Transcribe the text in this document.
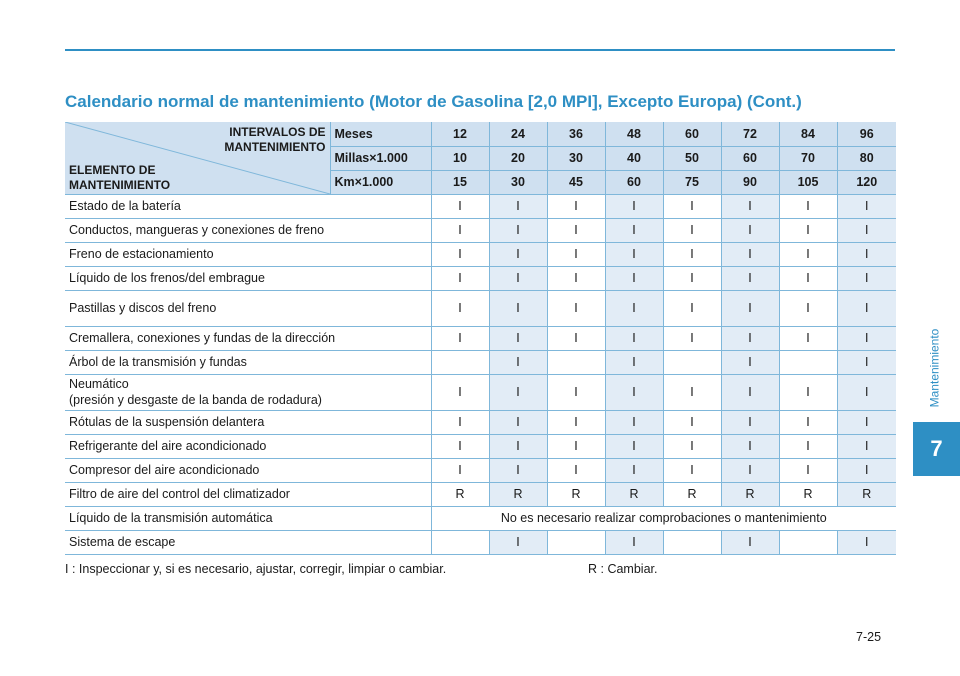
Calendario normal de mantenimiento (Motor de Gasolina [2,0 MPI], Excepto Europa) (Cont.)
INTERVALOS DE
MANTENIMIENTO
ELEMENTO DE
MANTENIMIENTO	Meses	12	24	36	48	60	72	84	96
	Millas×1.000	10	20	30	40	50	60	70	80
	Km×1.000	15	30	45	60	75	90	105	120

Estado de la batería		I	I	I	I	I	I	I	I

Conductos, mangueras y conexiones de freno		I	I	I	I	I	I	I	I

Freno de estacionamiento		I	I	I	I	I	I	I	I

Líquido de los frenos/del embrague		I	I	I	I	I	I	I	I

Pastillas y discos del freno		I	I	I	I	I	I	I	I

Cremallera, conexiones y fundas de la dirección		I	I	I	I	I	I	I	I

Árbol de la transmisión y fundas			I		I		I		I

Neumático
(presión y desgaste de la banda de rodadura)		I	I	I	I	I	I	I	I

Rótulas de la suspensión delantera		I	I	I	I	I	I	I	I

Refrigerante del aire acondicionado		I	I	I	I	I	I	I	I

Compresor del aire acondicionado		I	I	I	I	I	I	I	I

Filtro de aire del control del climatizador		R	R	R	R	R	R	R	R

Líquido de la transmisión automática		No es necesario realizar comprobaciones o mantenimiento							

Sistema de escape			I		I		I		I
I : Inspeccionar y, si es necesario, ajustar, corregir, limpiar o cambiar.	R : Cambiar.
Mantenimiento
7
7-25
